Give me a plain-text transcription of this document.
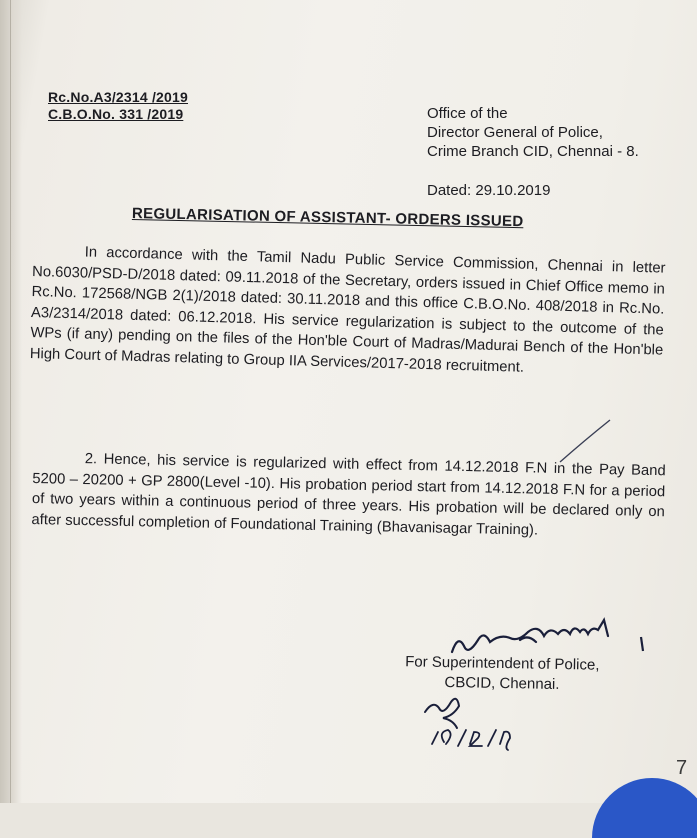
Rc.No.A3/2314 /2019
C.B.O.No. 331 /2019	Office of the
Director General of Police,
Crime Branch CID, Chennai - 8.
Dated: 29.10.2019
REGULARISATION OF ASSISTANT- ORDERS ISSUED
In accordance with the Tamil Nadu Public Service Commission, Chennai in letter No.6030/PSD-D/2018 dated: 09.11.2018 of the Secretary, orders issued in Chief Office memo in Rc.No. 172568/NGB 2(1)/2018 dated: 30.11.2018 and this office C.B.O.No. 408/2018 in Rc.No. A3/2314/2018 dated: 06.12.2018. His service regularization is subject to the outcome of the WPs (if any) pending on the files of the Hon'ble Court of Madras/Madurai Bench of the Hon'ble High Court of Madras relating to Group IIA Services/2017-2018 recruitment.
2. Hence, his service is regularized with effect from 14.12.2018 F.N in the Pay Band 5200 – 20200 + GP 2800(Level -10). His probation period start from 14.12.2018 F.N for a period of two years within a continuous period of three years. His probation will be declared only on after successful completion of Foundational Training (Bhavanisagar Training).
For Superintendent of Police,
CBCID, Chennai.
7
